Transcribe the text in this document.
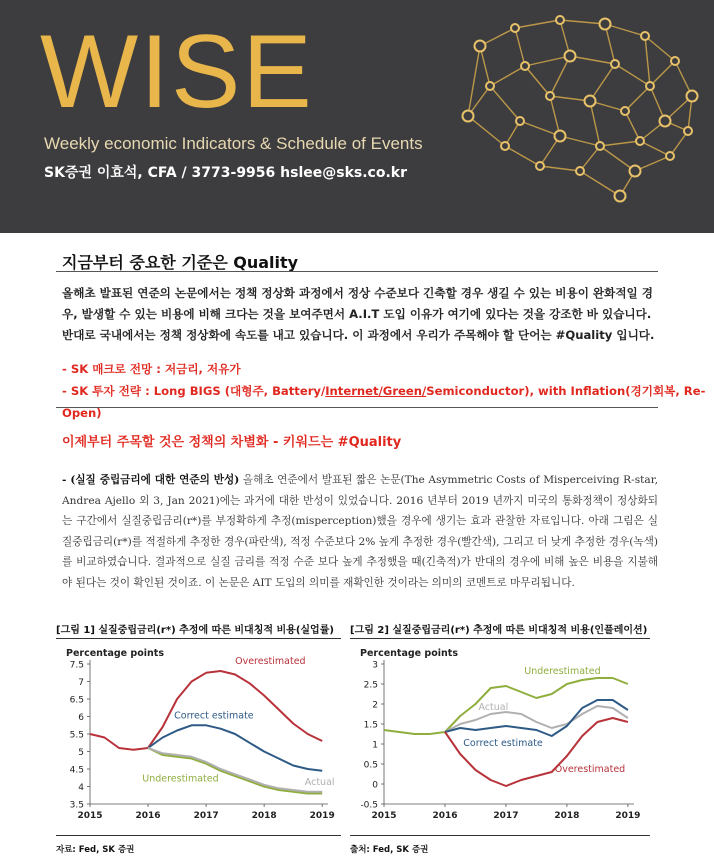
WISE
Weekly economic Indicators & Schedule of Events
SK증권 이효석, CFA / 3773-9956 hslee@sks.co.kr
지금부터 중요한 기준은 Quality
올해초 발표된 연준의 논문에서는 정책 정상화 과정에서 정상 수준보다 긴축할 경우 생길 수 있는 비용이 완화적일 경우, 발생할 수 있는 비용에 비해 크다는 것을 보여주면서 A.I.T 도입 이유가 여기에 있다는 것을 강조한 바 있습니다. 반대로 국내에서는 정책 정상화에 속도를 내고 있습니다. 이 과정에서 우리가 주목해야 할 단어는 #Quality 입니다.
- SK 매크로 전망 : 저금리, 저유가
- SK 투자 전략 : Long BIGS (대형주, Battery/Internet/Green/Semiconductor), with Inflation(경기회복, Re-Open)
이제부터 주목할 것은 정책의 차별화 - 키워드는 #Quality
- (실질 중립금리에 대한 연준의 반성) 올해초 연준에서 발표된 짧은 논문(The Asymmetric Costs of Misperceiving R-star, Andrea Ajello 외 3, Jan 2021)에는 과거에 대한 반성이 있었습니다. 2016 년부터 2019 년까지 미국의 통화정책이 정상화되는 구간에서 실질중립금리(r*)를 부정확하게 추정(misperception)했을 경우에 생기는 효과 관찰한 자료입니다. 아래 그림은 실질중립금리(r*)를 적절하게 추정한 경우(파란색), 적정 수준보다 2% 높게 추정한 경우(빨간색), 그리고 더 낮게 추정한 경우(녹색)를 비교하였습니다. 결과적으로 실질 금리를 적정 수준 보다 높게 추정했을 때(긴축적)가 반대의 경우에 비해 높은 비용을 지불해야 된다는 것이 확인된 것이죠. 이 논문은 AIT 도입의 의미를 재확인한 것이라는 의미의 코멘트로 마무리됩니다.
[그림 1] 실질중립금리(r*) 추정에 따른 비대칭적 비용(실업률)
Percentage points
3.5
4
4.5
5
5.5
6
6.5
7
7.5
2015	2016	2017	2018	2019
Overestimated
Correct estimate
Underestimated	Actual
자료: Fed, SK 증권
[그림 2] 실질중립금리(r*) 추정에 따른 비대칭적 비용(인플레이션)
Percentage points
-0.5
0
0.5
1
1.5
2
2.5
3
2015	2016	2017	2018	2019
Underestimated
Actual
Correct estimate
Overestimated
출처: Fed, SK 증권
